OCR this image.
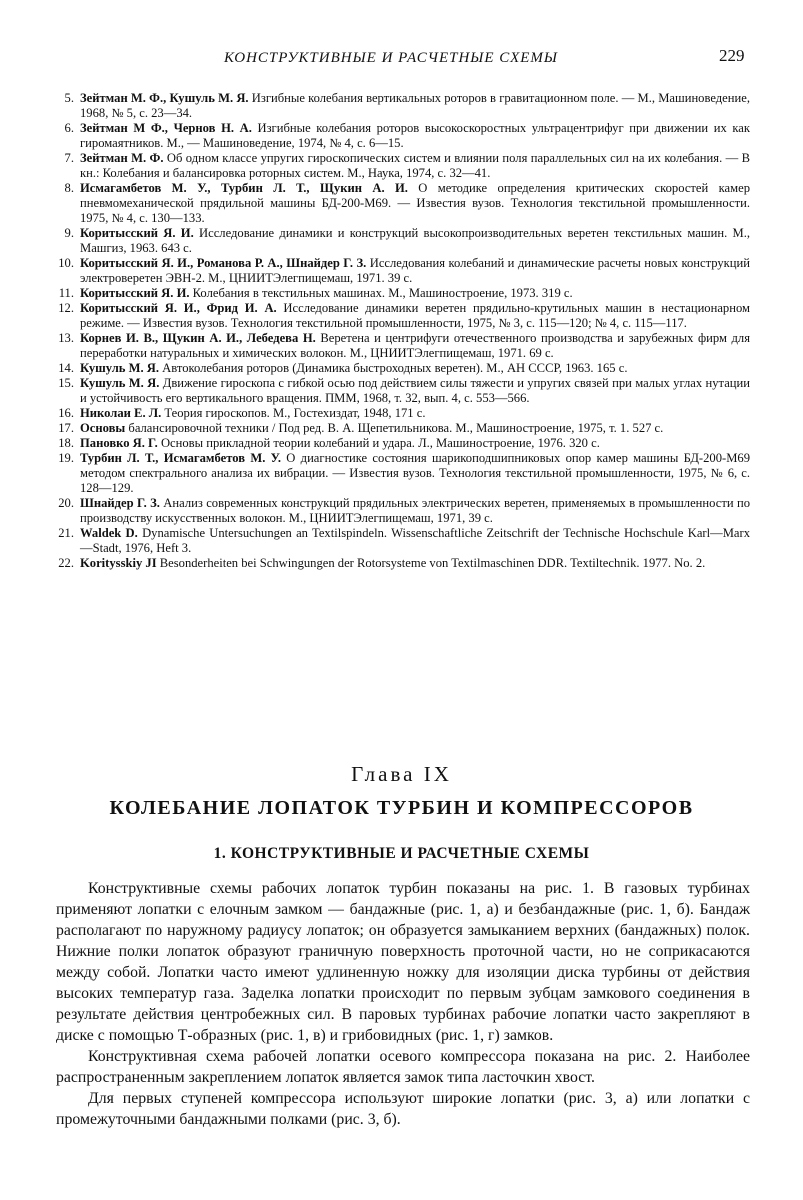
КОНСТРУКТИВНЫЕ И РАСЧЕТНЫЕ СХЕМЫ	229

5. Зейтман М. Ф., Кушуль М. Я. Изгибные колебания вертикальных роторов в гравитационном поле. — М., Машиноведение, 1968, № 5, с. 23—34.

6. Зейтман М Ф., Чернов Н. А. Изгибные колебания роторов высокоскоростных ультрацентрифуг при движении их как гиромаятников. М., — Машиноведение, 1974, № 4, с. 6—15.

7. Зейтман М. Ф. Об одном классе упругих гироскопических систем и влиянии поля параллельных сил на их колебания. — В кн.: Колебания и балансировка роторных систем. М., Наука, 1974, с. 32—41.

8. Исмагамбетов М. У., Турбин Л. Т., Щукин А. И. О методике определения критических скоростей камер пневмомеханической прядильной машины БД-200-М69. — Известия вузов. Технология текстильной промышленности. 1975, № 4, с. 130—133.

9. Коритысский Я. И. Исследование динамики и конструкций высокопроизводительных веретен текстильных машин. М., Машгиз, 1963. 643 с.

10. Коритысский Я. И., Романова Р. А., Шнайдер Г. З. Исследования колебаний и динамические расчеты новых конструкций электроверетен ЭВН-2. М., ЦНИИТЭлегпищемаш, 1971. 39 с.

11. Коритысский Я. И. Колебания в текстильных машинах. М., Машиностроение, 1973. 319 с.

12. Коритысский Я. И., Фрид И. А. Исследование динамики веретен прядильно-крутильных машин в нестационарном режиме. — Известия вузов. Технология текстильной промышленности, 1975, № 3, с. 115—120; № 4, с. 115—117.

13. Корнев И. В., Щукин А. И., Лебедева Н. Веретена и центрифуги отечественного производства и зарубежных фирм для переработки натуральных и химических волокон. М., ЦНИИТЭлегпищемаш, 1971. 69 с.

14. Кушуль М. Я. Автоколебания роторов (Динамика быстроходных веретен). М., АН СССР, 1963. 165 с.

15. Кушуль М. Я. Движение гироскопа с гибкой осью под действием силы тяжести и упругих связей при малых углах нутации и устойчивость его вертикального вращения. ПММ, 1968, т. 32, вып. 4, с. 553—566.

16. Николаи Е. Л. Теория гироскопов. М., Гостехиздат, 1948, 171 с.

17. Основы балансировочной техники / Под ред. В. А. Щепетильникова. М., Машиностроение, 1975, т. 1. 527 с.

18. Пановко Я. Г. Основы прикладной теории колебаний и удара. Л., Машиностроение, 1976. 320 с.

19. Турбин Л. Т., Исмагамбетов М. У. О диагностике состояния шарикоподшипниковых опор камер машины БД-200-М69 методом спектрального анализа их вибрации. — Известия вузов. Технология текстильной промышленности, 1975, № 6, с. 128—129.

20. Шнайдер Г. З. Анализ современных конструкций прядильных электрических веретен, применяемых в промышленности по производству искусственных волокон. М., ЦНИИТЭлегпищемаш, 1971, 39 с.

21. Waldek D. Dynamische Untersuchungen an Textilspindeln. Wissenschaftliche Zeitschrift der Technische Hochschule Karl—Marx—Stadt, 1976, Heft 3.

22. Koritysskiy JI Besonderheiten bei Schwingungen der Rotorsysteme von Textilmaschinen DDR. Textiltechnik. 1977. No. 2.

Глава IX
КОЛЕБАНИЕ ЛОПАТОК ТУРБИН И КОМПРЕССОРОВ
1. КОНСТРУКТИВНЫЕ И РАСЧЕТНЫЕ СХЕМЫ

Конструктивные схемы рабочих лопаток турбин показаны на рис. 1. В газовых турбинах применяют лопатки с елочным замком — бандажные (рис. 1, а) и безбандажные (рис. 1, б). Бандаж располагают по наружному радиусу лопаток; он образуется замыканием верхних (бандажных) полок. Нижние полки лопаток образуют граничную поверхность проточной части, но не соприкасаются между собой. Лопатки часто имеют удлиненную ножку для изоляции диска турбины от действия высоких температур газа. Заделка лопатки происходит по первым зубцам замкового соединения в результате действия центробежных сил. В паровых турбинах рабочие лопатки часто закрепляют в диске с помощью Т-образных (рис. 1, в) и грибовидных (рис. 1, г) замков.

Конструктивная схема рабочей лопатки осевого компрессора показана на рис. 2. Наиболее распространенным закреплением лопаток является замок типа ласточкин хвост.

Для первых ступеней компрессора используют широкие лопатки (рис. 3, а) или лопатки с промежуточными бандажными полками (рис. 3, б).
